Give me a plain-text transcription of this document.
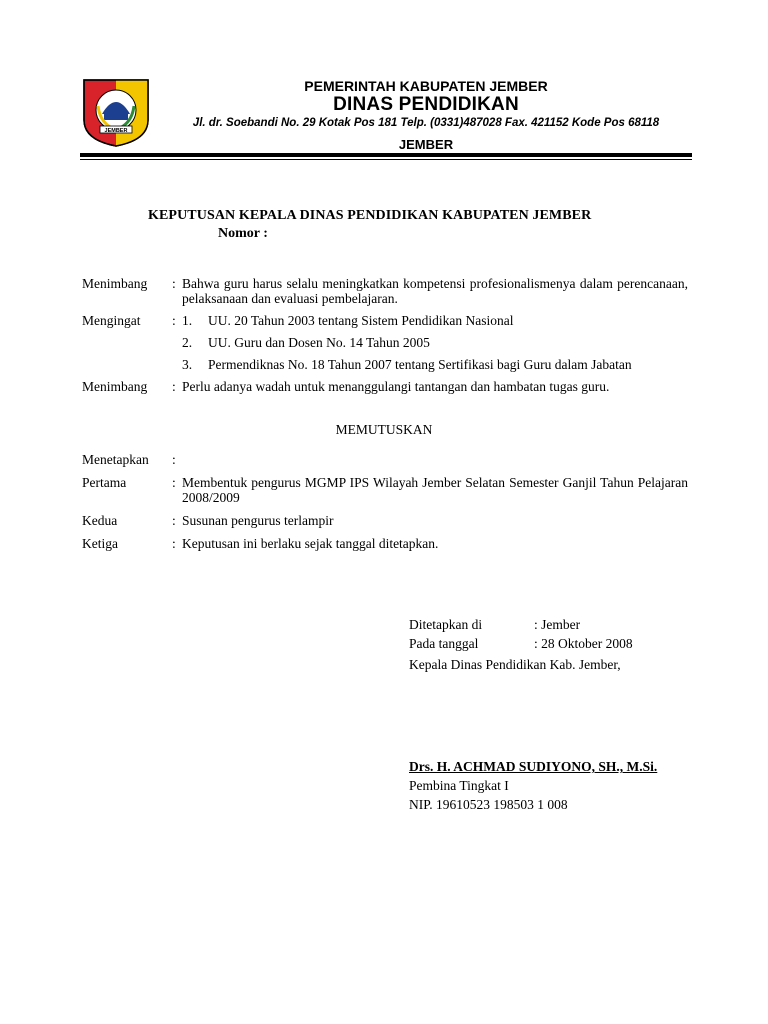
JEMBER
PEMERINTAH KABUPATEN JEMBER
DINAS PENDIDIKAN
Jl. dr. Soebandi No. 29 Kotak Pos 181 Telp. (0331)487028 Fax. 421152 Kode Pos 68118
JEMBER
KEPUTUSAN KEPALA DINAS PENDIDIKAN KABUPATEN JEMBER
Nomor :
Menimbang	: Bahwa guru harus selalu meningkatkan kompetensi profesionalismenya dalam perencanaan, pelaksanaan dan evaluasi pembelajaran.
Mengingat	: 1.	UU. 20 Tahun 2003 tentang Sistem Pendidikan Nasional
2.	UU. Guru dan Dosen No. 14 Tahun 2005
3.	Permendiknas No. 18 Tahun 2007 tentang Sertifikasi bagi Guru dalam Jabatan
Menimbang	: Perlu adanya wadah untuk menanggulangi tantangan dan hambatan tugas guru.
MEMUTUSKAN
Menetapkan	:
Pertama	: Membentuk pengurus MGMP IPS Wilayah Jember Selatan Semester Ganjil Tahun Pelajaran 2008/2009
Kedua	: Susunan pengurus terlampir
Ketiga	: Keputusan ini berlaku sejak tanggal ditetapkan.
Ditetapkan di	: Jember
Pada tanggal	: 28 Oktober 2008
Kepala Dinas Pendidikan Kab. Jember,
Drs. H. ACHMAD SUDIYONO, SH., M.Si.
Pembina Tingkat I
NIP. 19610523 198503 1 008
